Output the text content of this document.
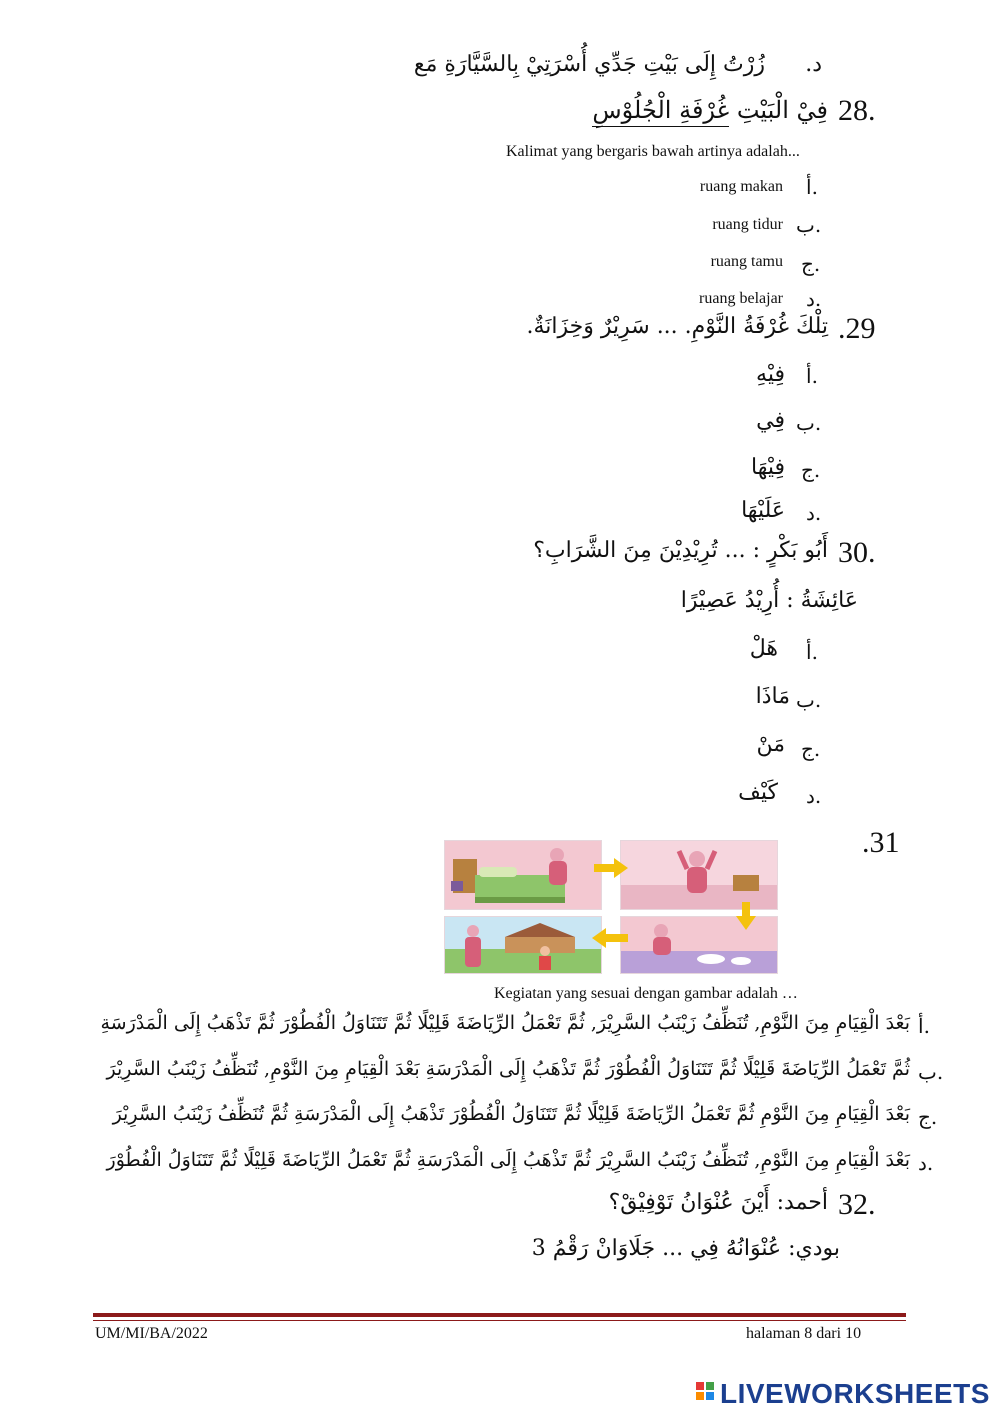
د.
زُرْتُ إِلَى بَيْتِ جَدِّي أُسْرَتِيْ بِالسَّيَّارَةِ مَع
28.
فِيْ الْبَيْتِ غُرْفَةِ الْجُلُوْسِ
Kalimat yang bergaris bawah artinya adalah...
أ.
ruang makan
ب.
ruang tidur
ج.
ruang tamu
د.
ruang belajar
.29
تِلْكَ غُرْفَةُ النَّوْمِ. ... سَرِيْرٌ وَخِزَانَةٌ.
أ.
فِيْهِ
ب.
فِي
ج.
فِيْهَا
د.
عَلَيْهَا
30.
أَبُو بَكْرٍ : ... تُرِيْدِيْنَ مِنَ الشَّرَابِ؟
عَائِشَةُ : أُرِيْدُ عَصِيْرًا
أ.
هَلْ
ب.
مَاذَا
ج.
مَنْ
د.
كَيْف
.31
Kegiatan yang sesuai dengan gambar adalah …
أ.
بَعْدَ الْقِيَامِ مِنَ النَّوْمِ, تُنَظِّفُ زَيْنَبُ السَّرِيْرَ, ثُمَّ تَعْمَلُ الرِّيَاضَةَ قَلِيْلًا ثُمَّ تَتَنَاوَلُ الْفُطُوْرَ ثُمَّ تَذْهَبُ إِلَى الْمَدْرَسَةِ
ب.
ثُمَّ تَعْمَلُ الرِّيَاضَةَ قَلِيْلًا ثُمَّ تَتَنَاوَلُ الْفُطُوْرَ ثُمَّ تَذْهَبُ إِلَى الْمَدْرَسَةِ بَعْدَ الْقِيَامِ مِنَ النَّوْمِ, تُنَظِّفُ زَيْنَبُ السَّرِيْرَ
ج.
بَعْدَ الْقِيَامِ مِنَ النَّوْمِ ثُمَّ تَعْمَلُ الرِّيَاضَةَ قَلِيْلًا ثُمَّ تَتَنَاوَلُ الْفُطُوْرَ تَذْهَبُ إِلَى الْمَدْرَسَةِ ثُمَّ تُنَظِّفُ زَيْنَبُ السَّرِيْرَ
د.
بَعْدَ الْقِيَامِ مِنَ النَّوْمِ, تُنَظِّفُ زَيْنَبُ السَّرِيْرَ ثُمَّ تَذْهَبُ إِلَى الْمَدْرَسَةِ ثُمَّ تَعْمَلُ الرِّيَاضَةَ قَلِيْلًا ثُمَّ تَتَنَاوَلُ الْفُطُوْرَ
32.
أحمد: أَيْنَ عُنْوَانُ تَوْفِيْقْ؟
بودي: عُنْوَانُهُ فِي ... جَلَاوَانْ رَقْمُ 3
UM/MI/BA/2022	halaman 8 dari 10
LIVEWORKSHEETS
